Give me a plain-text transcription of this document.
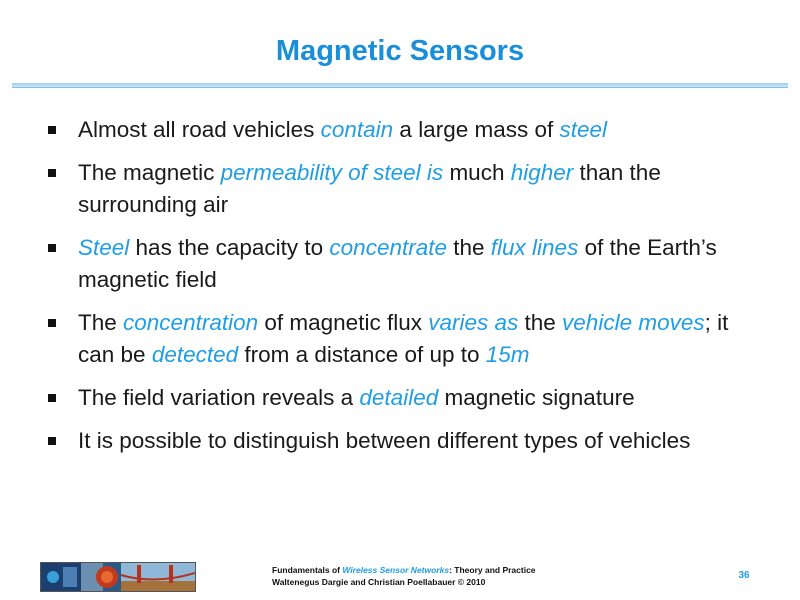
Magnetic Sensors
Almost all road vehicles contain a large mass of steel
The magnetic permeability of steel is much higher than the surrounding air
Steel has the capacity to concentrate the flux lines of the Earth’s magnetic field
The concentration of magnetic flux varies as the vehicle moves; it can be detected from a distance of up to 15m
The field variation reveals a detailed magnetic signature
It is possible to distinguish between different types of vehicles
Fundamentals of Wireless Sensor Networks: Theory and Practice
Waltenegus Dargie and Christian Poellabauer © 2010
36
